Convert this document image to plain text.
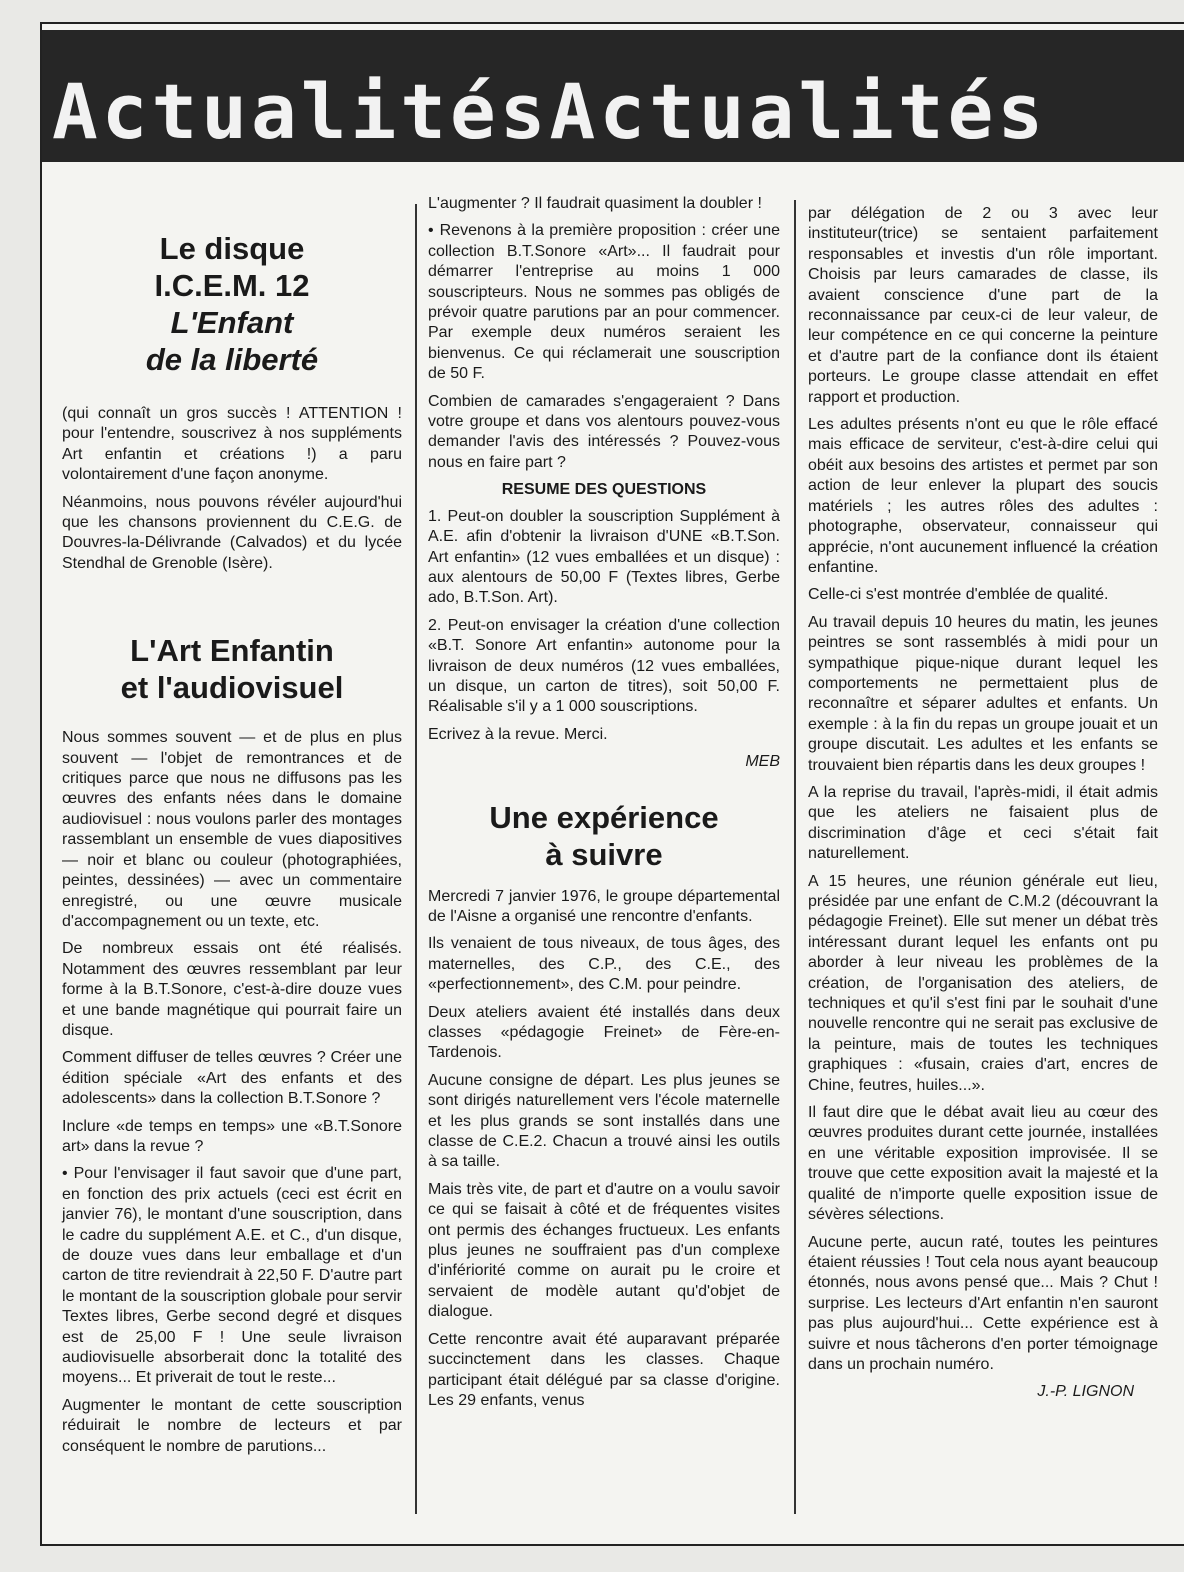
ActualitésActualités
Le disque
I.C.E.M. 12
L'Enfant
de la liberté

(qui connaît un gros succès ! ATTENTION ! pour l'entendre, souscrivez à nos suppléments Art enfantin et créations !) a paru volontairement d'une façon anonyme.

Néanmoins, nous pouvons révéler aujourd'hui que les chansons proviennent du C.E.G. de Douvres-la-Délivrande (Calvados) et du lycée Stendhal de Grenoble (Isère).

L'Art Enfantin
et l'audiovisuel

Nous sommes souvent — et de plus en plus souvent — l'objet de remontrances et de critiques parce que nous ne diffusons pas les œuvres des enfants nées dans le domaine audiovisuel : nous voulons parler des montages rassemblant un ensemble de vues diapositives — noir et blanc ou couleur (photographiées, peintes, dessinées) — avec un commentaire enregistré, ou une œuvre musicale d'accompagnement ou un texte, etc.

De nombreux essais ont été réalisés. Notamment des œuvres ressemblant par leur forme à la B.T.Sonore, c'est-à-dire douze vues et une bande magnétique qui pourrait faire un disque.

Comment diffuser de telles œuvres ? Créer une édition spéciale «Art des enfants et des adolescents» dans la collection B.T.Sonore ?

Inclure «de temps en temps» une «B.T.Sonore art» dans la revue ?

• Pour l'envisager il faut savoir que d'une part, en fonction des prix actuels (ceci est écrit en janvier 76), le montant d'une souscription, dans le cadre du supplément A.E. et C., d'un disque, de douze vues dans leur emballage et d'un carton de titre reviendrait à 22,50 F. D'autre part le montant de la souscription globale pour servir Textes libres, Gerbe second degré et disques est de 25,00 F ! Une seule livraison audiovisuelle absorberait donc la totalité des moyens... Et priverait de tout le reste...

Augmenter le montant de cette souscription réduirait le nombre de lecteurs et par conséquent le nombre de parutions...

L'augmenter ? Il faudrait quasiment la doubler !

• Revenons à la première proposition : créer une collection B.T.Sonore «Art»... Il faudrait pour démarrer l'entreprise au moins 1 000 souscripteurs. Nous ne sommes pas obligés de prévoir quatre parutions par an pour commencer. Par exemple deux numéros seraient les bienvenus. Ce qui réclamerait une souscription de 50 F.

Combien de camarades s'engageraient ? Dans votre groupe et dans vos alentours pouvez-vous demander l'avis des intéressés ? Pouvez-vous nous en faire part ?

RESUME DES QUESTIONS

1. Peut-on doubler la souscription Supplément à A.E. afin d'obtenir la livraison d'UNE «B.T.Son. Art enfantin» (12 vues emballées et un disque) : aux alentours de 50,00 F (Textes libres, Gerbe ado, B.T.Son. Art).

2. Peut-on envisager la création d'une collection «B.T. Sonore Art enfantin» autonome pour la livraison de deux numéros (12 vues emballées, un disque, un carton de titres), soit 50,00 F. Réalisable s'il y a 1 000 souscriptions.

Ecrivez à la revue. Merci.

MEB
Une expérience
à suivre

Mercredi 7 janvier 1976, le groupe départemental de l'Aisne a organisé une rencontre d'enfants.

Ils venaient de tous niveaux, de tous âges, des maternelles, des C.P., des C.E., des «perfectionnement», des C.M. pour peindre.

Deux ateliers avaient été installés dans deux classes «pédagogie Freinet» de Fère-en-Tardenois.

Aucune consigne de départ. Les plus jeunes se sont dirigés naturellement vers l'école maternelle et les plus grands se sont installés dans une classe de C.E.2. Chacun a trouvé ainsi les outils à sa taille.

Mais très vite, de part et d'autre on a voulu savoir ce qui se faisait à côté et de fréquentes visites ont permis des échanges fructueux. Les enfants plus jeunes ne souffraient pas d'un complexe d'infériorité comme on aurait pu le croire et servaient de modèle autant qu'd'objet de dialogue.

Cette rencontre avait été auparavant préparée succinctement dans les classes. Chaque participant était délégué par sa classe d'origine. Les 29 enfants, venus

par délégation de 2 ou 3 avec leur instituteur(trice) se sentaient parfaitement responsables et investis d'un rôle important. Choisis par leurs camarades de classe, ils avaient conscience d'une part de la reconnaissance par ceux-ci de leur valeur, de leur compétence en ce qui concerne la peinture et d'autre part de la confiance dont ils étaient porteurs. Le groupe classe attendait en effet rapport et production.

Les adultes présents n'ont eu que le rôle effacé mais efficace de serviteur, c'est-à-dire celui qui obéit aux besoins des artistes et permet par son action de leur enlever la plupart des soucis matériels ; les autres rôles des adultes : photographe, observateur, connaisseur qui apprécie, n'ont aucunement influencé la création enfantine.

Celle-ci s'est montrée d'emblée de qualité.

Au travail depuis 10 heures du matin, les jeunes peintres se sont rassemblés à midi pour un sympathique pique-nique durant lequel les comportements ne permettaient plus de reconnaître et séparer adultes et enfants. Un exemple : à la fin du repas un groupe jouait et un groupe discutait. Les adultes et les enfants se trouvaient bien répartis dans les deux groupes !

A la reprise du travail, l'après-midi, il était admis que les ateliers ne faisaient plus de discrimination d'âge et ceci s'était fait naturellement.

A 15 heures, une réunion générale eut lieu, présidée par une enfant de C.M.2 (découvrant la pédagogie Freinet). Elle sut mener un débat très intéressant durant lequel les enfants ont pu aborder à leur niveau les problèmes de la création, de l'organisation des ateliers, de techniques et qu'il s'est fini par le souhait d'une nouvelle rencontre qui ne serait pas exclusive de la peinture, mais de toutes les techniques graphiques : «fusain, craies d'art, encres de Chine, feutres, huiles...».

Il faut dire que le débat avait lieu au cœur des œuvres produites durant cette journée, installées en une véritable exposition improvisée. Il se trouve que cette exposition avait la majesté et la qualité de n'importe quelle exposition issue de sévères sélections.

Aucune perte, aucun raté, toutes les peintures étaient réussies ! Tout cela nous ayant beaucoup étonnés, nous avons pensé que... Mais ? Chut ! surprise. Les lecteurs d'Art enfantin n'en sauront pas plus aujourd'hui... Cette expérience est à suivre et nous tâcherons d'en porter témoignage dans un prochain numéro.

J.-P. LIGNON
